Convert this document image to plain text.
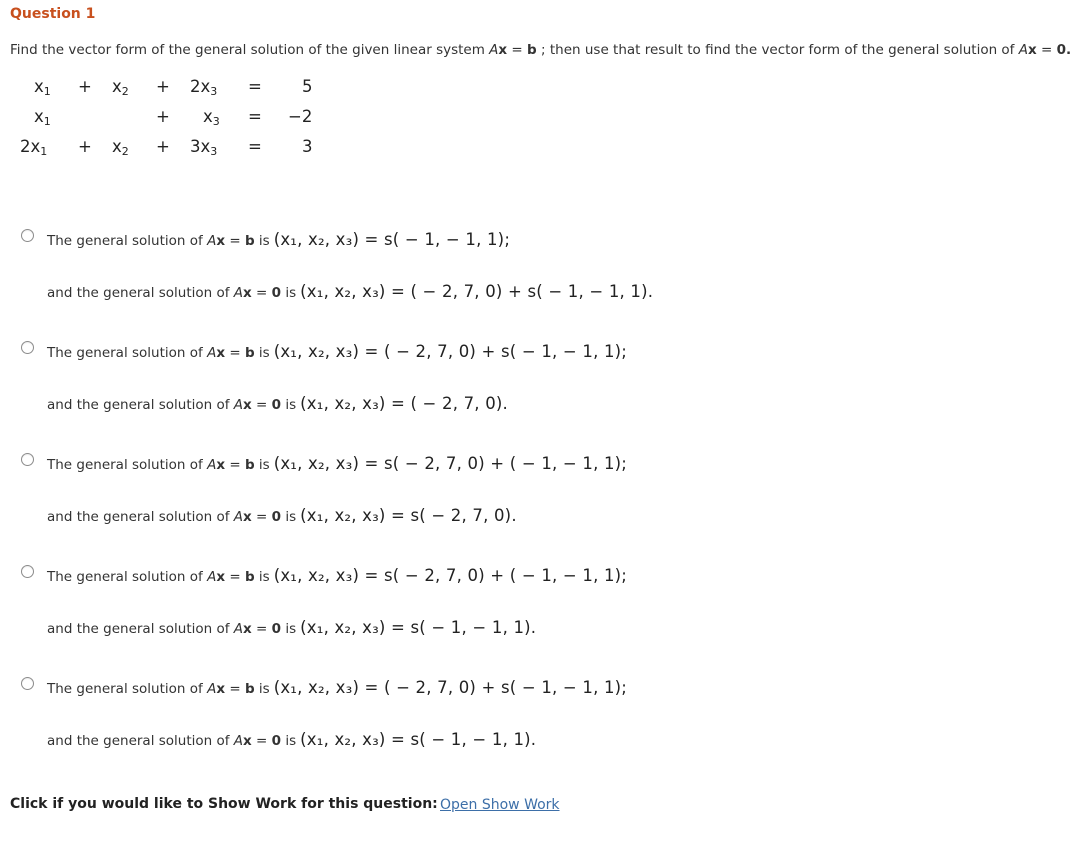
Question 1
Find the vector form of the general solution of the given linear system Ax = b ; then use that result to find the vector form of the general solution of Ax = 0.
$x_1 + x_2 + 2x_3 = 5$
$x_1$	+ $x_3 = -2$
$2x_1 + x_2 + 3x_3 = 3$
The general solution of Ax = b is (x₁, x₂, x₃) = s( − 1, − 1, 1);
and the general solution of Ax = 0 is (x₁, x₂, x₃) = ( − 2, 7, 0) + s( − 1, − 1, 1).
The general solution of Ax = b is (x₁, x₂, x₃) = ( − 2, 7, 0) + s( − 1, − 1, 1);
and the general solution of Ax = 0 is (x₁, x₂, x₃) = ( − 2, 7, 0).
The general solution of Ax = b is (x₁, x₂, x₃) = s( − 2, 7, 0) + ( − 1, − 1, 1);
and the general solution of Ax = 0 is (x₁, x₂, x₃) = s( − 2, 7, 0).
The general solution of Ax = b is (x₁, x₂, x₃) = s( − 2, 7, 0) + ( − 1, − 1, 1);
and the general solution of Ax = 0 is (x₁, x₂, x₃) = s( − 1, − 1, 1).
The general solution of Ax = b is (x₁, x₂, x₃) = ( − 2, 7, 0) + s( − 1, − 1, 1);
and the general solution of Ax = 0 is (x₁, x₂, x₃) = s( − 1, − 1, 1).
Click if you would like to Show Work for this question: Open Show Work
